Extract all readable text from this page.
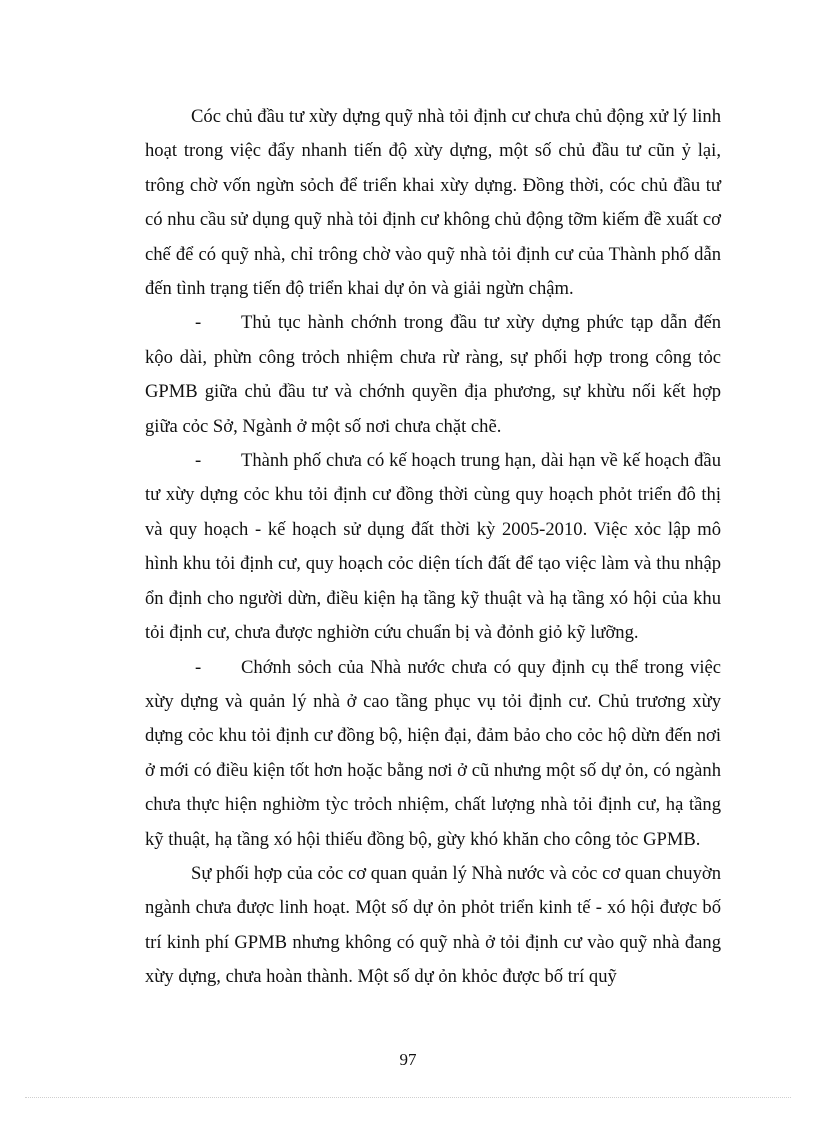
Cóc chủ đầu tư xừy dựng quỹ nhà tỏi định cư chưa chủ động xử lý linh hoạt trong việc đẩy nhanh tiến độ xừy dựng, một số chủ đầu tư cũn ỷ lại, trông chờ vốn ngừn sỏch để triển khai xừy dựng. Đồng thời, cóc chủ đầu tư có nhu cầu sử dụng quỹ nhà tỏi định cư không chủ động tỡm kiếm đề xuất cơ chế để có quỹ nhà, chỉ trông chờ vào quỹ nhà tỏi định cư của Thành phố dẫn đến tình trạng tiến độ triển khai dự ỏn và giải ngừn chậm.

- Thủ tục hành chớnh trong đầu tư xừy dựng phức tạp dẫn đến kộo dài, phừn công trỏch nhiệm chưa rừ ràng, sự phối hợp trong công tỏc GPMB giữa chủ đầu tư và chớnh quyền địa phương, sự khừu nối kết hợp giữa cỏc Sở, Ngành ở một số nơi chưa chặt chẽ.

- Thành phố chưa có kế hoạch trung hạn, dài hạn về kế hoạch đầu tư xừy dựng cỏc khu tỏi định cư đồng thời cùng quy hoạch phỏt triển đô thị và quy hoạch - kế hoạch sử dụng đất thời kỳ 2005-2010. Việc xỏc lập mô hình khu tỏi định cư, quy hoạch cỏc diện tích đất để tạo việc làm và thu nhập ổn định cho người dừn, điều kiện hạ tầng kỹ thuật và hạ tầng xó hội của khu tỏi định cư, chưa được nghiờn cứu chuẩn bị và đỏnh giỏ kỹ lưỡng.

- Chớnh sỏch của Nhà nước chưa có quy định cụ thể trong việc xừy dựng và quản lý nhà ở cao tầng phục vụ tỏi định cư. Chủ trương xừy dựng cỏc khu tỏi định cư đồng bộ, hiện đại, đảm bảo cho cỏc hộ dừn đến nơi ở mới có điều kiện tốt hơn hoặc bằng nơi ở cũ nhưng một số dự ỏn, có ngành chưa thực hiện nghiờm tỳc trỏch nhiệm, chất lượng nhà tỏi định cư, hạ tầng kỹ thuật, hạ tầng xó hội thiếu đồng bộ, gừy khó khăn cho công tỏc GPMB.

Sự phối hợp của cỏc cơ quan quản lý Nhà nước và cỏc cơ quan chuyờn ngành chưa được linh hoạt. Một số dự ỏn phỏt triển kinh tế - xó hội được bố trí kinh phí GPMB nhưng không có quỹ nhà ở tỏi định cư vào quỹ nhà đang xừy dựng, chưa hoàn thành. Một số dự ỏn khỏc được bố trí quỹ

97
